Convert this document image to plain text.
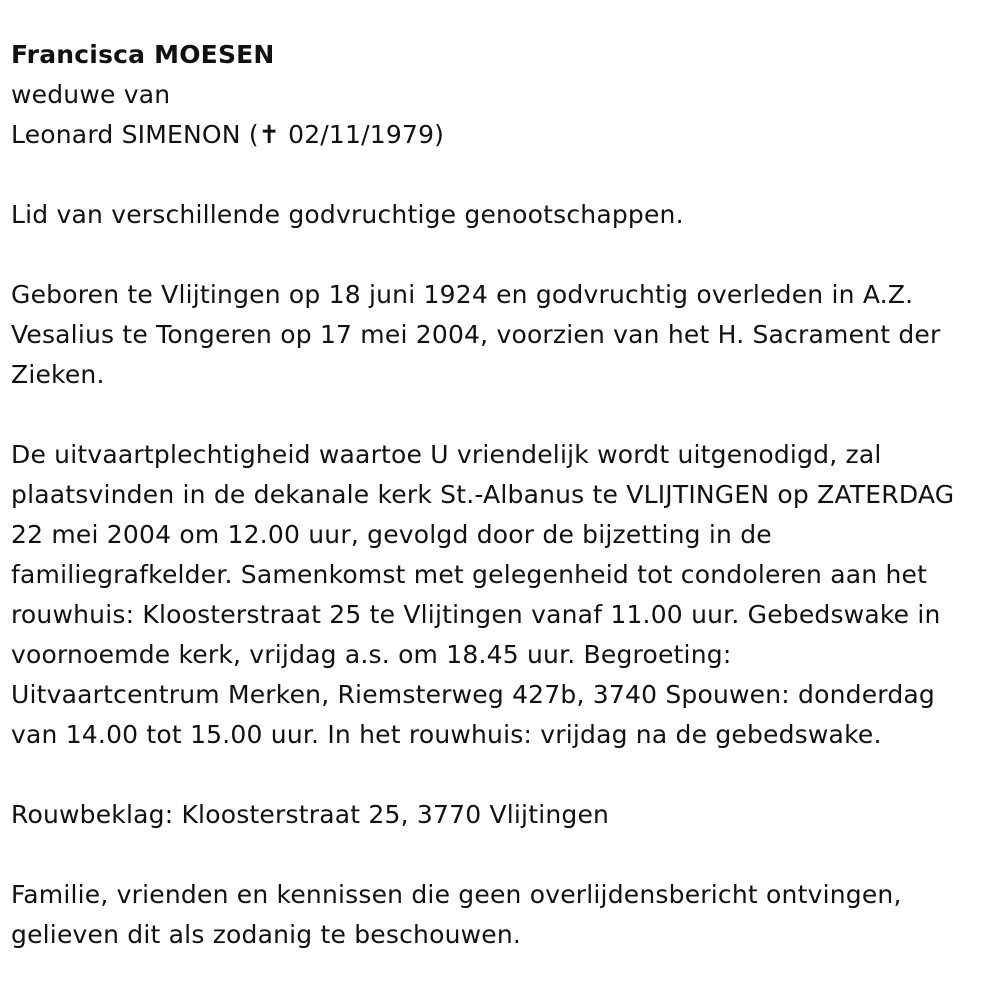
Francisca MOESEN
weduwe van
Leonard SIMENON (✝ 02/11/1979)
Lid van verschillende godvruchtige genootschappen.
Geboren te Vlijtingen op 18 juni 1924 en godvruchtig overleden in A.Z.
Vesalius te Tongeren op 17 mei 2004, voorzien van het H. Sacrament der
Zieken.
De uitvaartplechtigheid waartoe U vriendelijk wordt uitgenodigd, zal
plaatsvinden in de dekanale kerk St.-Albanus te VLIJTINGEN op ZATERDAG
22 mei 2004 om 12.00 uur, gevolgd door de bijzetting in de
familiegrafkelder. Samenkomst met gelegenheid tot condoleren aan het
rouwhuis: Kloosterstraat 25 te Vlijtingen vanaf 11.00 uur. Gebedswake in
voornoemde kerk, vrijdag a.s. om 18.45 uur. Begroeting:
Uitvaartcentrum Merken, Riemsterweg 427b, 3740 Spouwen: donderdag
van 14.00 tot 15.00 uur. In het rouwhuis: vrijdag na de gebedswake.
Rouwbeklag: Kloosterstraat 25, 3770 Vlijtingen
Familie, vrienden en kennissen die geen overlijdensbericht ontvingen,
gelieven dit als zodanig te beschouwen.
